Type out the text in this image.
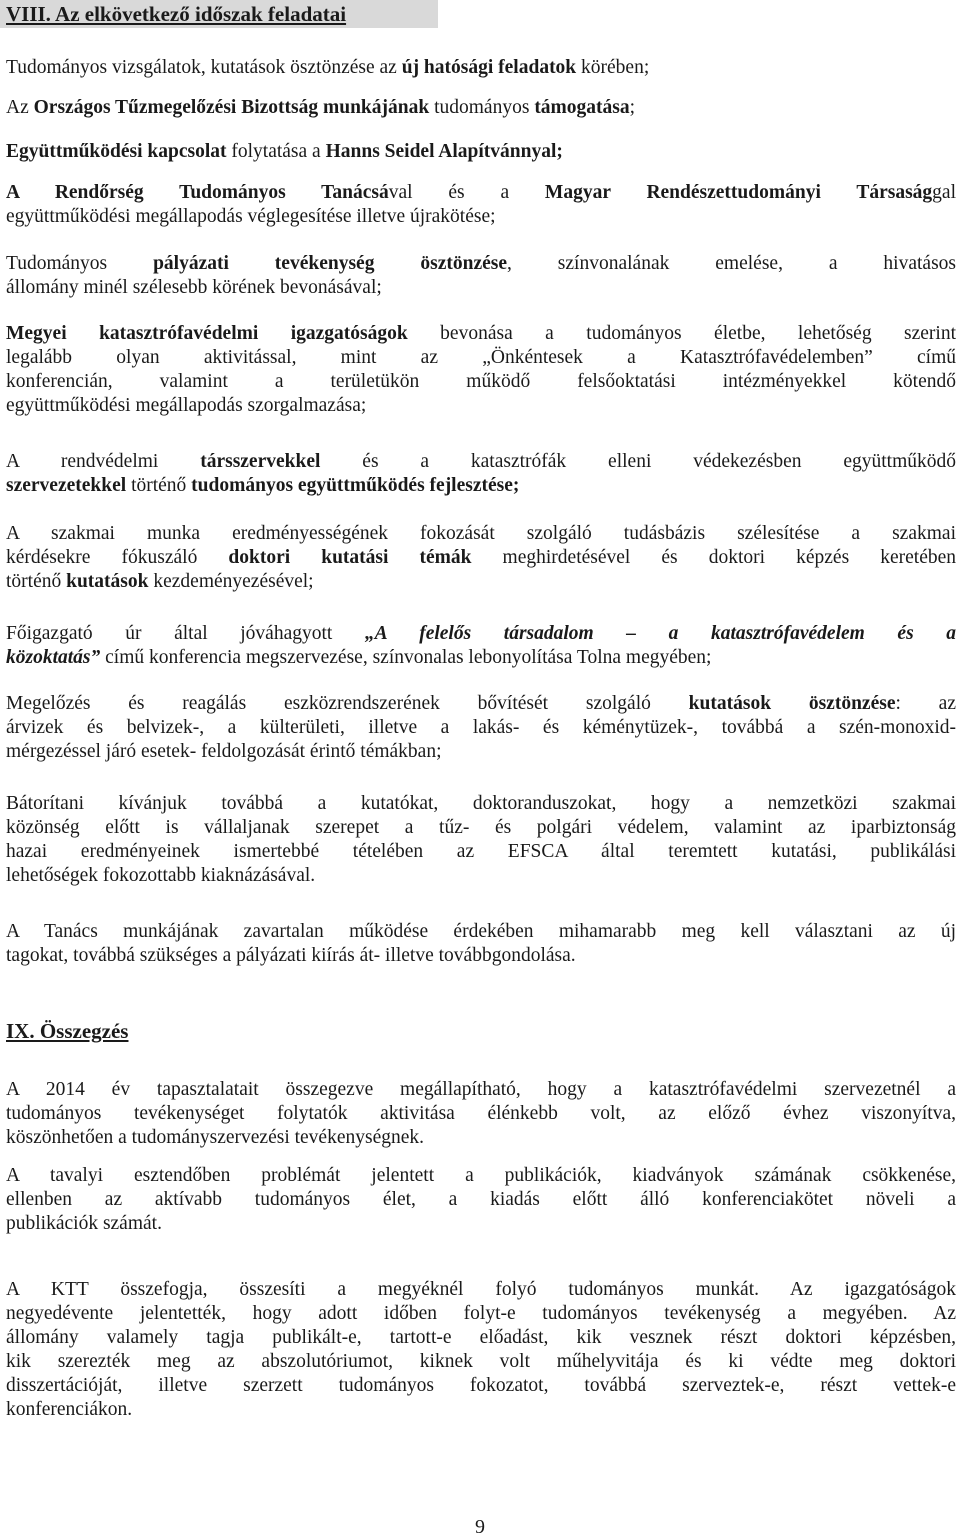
VIII. Az elkövetkező időszak feladatai
Tudományos vizsgálatok, kutatások ösztönzése az új hatósági feladatok körében;
Az Országos Tűzmegelőzési Bizottság munkájának tudományos támogatása;
Együttműködési kapcsolat folytatása a Hanns Seidel Alapítvánnyal;
A Rendőrség Tudományos Tanácsával és a Magyar Rendészettudományi Társasággal
együttműködési megállapodás véglegesítése illetve újrakötése;
Tudományos pályázati tevékenység ösztönzése, színvonalának emelése, a hivatásos
állomány minél szélesebb körének bevonásával;
Megyei katasztrófavédelmi igazgatóságok bevonása a tudományos életbe, lehetőség szerint
legalább olyan aktivitással, mint az „Önkéntesek a Katasztrófavédelemben” című
konferencián, valamint a területükön működő felsőoktatási intézményekkel kötendő
együttműködési megállapodás szorgalmazása;
A rendvédelmi társszervekkel és a katasztrófák elleni védekezésben együttműködő
szervezetekkel történő tudományos együttműködés fejlesztése;
A szakmai munka eredményességének fokozását szolgáló tudásbázis szélesítése a szakmai
kérdésekre fókuszáló doktori kutatási témák meghirdetésével és doktori képzés keretében
történő kutatások kezdeményezésével;
Főigazgató úr által jóváhagyott „A felelős társadalom – a katasztrófavédelem és a
közoktatás” című konferencia megszervezése, színvonalas lebonyolítása Tolna megyében;
Megelőzés és reagálás eszközrendszerének bővítését szolgáló kutatások ösztönzése: az
árvizek és belvizek-, a külterületi, illetve a lakás- és kéménytüzek-, továbbá a szén-monoxid-
mérgezéssel járó esetek- feldolgozását érintő témákban;
Bátorítani kívánjuk továbbá a kutatókat, doktoranduszokat, hogy a nemzetközi szakmai
közönség előtt is vállaljanak szerepet a tűz- és polgári védelem, valamint az iparbiztonság
hazai eredményeinek ismertebbé tételében az EFSCA által teremtett kutatási, publikálási
lehetőségek fokozottabb kiaknázásával.
A Tanács munkájának zavartalan működése érdekében mihamarabb meg kell választani az új
tagokat, továbbá szükséges a pályázati kiírás át- illetve továbbgondolása.
IX. Összegzés
A 2014 év tapasztalatait összegezve megállapítható, hogy a katasztrófavédelmi szervezetnél a
tudományos tevékenységet folytatók aktivitása élénkebb volt, az előző évhez viszonyítva,
köszönhetően a tudományszervezési tevékenységnek.
A tavalyi esztendőben problémát jelentett a publikációk, kiadványok számának csökkenése,
ellenben az aktívabb tudományos élet, a kiadás előtt álló konferenciakötet növeli a
publikációk számát.
A KTT összefogja, összesíti a megyéknél folyó tudományos munkát. Az igazgatóságok
negyedévente jelentették, hogy adott időben folyt-e tudományos tevékenység a megyében. Az
állomány valamely tagja publikált-e, tartott-e előadást, kik vesznek részt doktori képzésben,
kik szerezték meg az abszolutóriumot, kiknek volt műhelyvitája és ki védte meg doktori
disszertációját, illetve szerzett tudományos fokozatot, továbbá szerveztek-e, részt vettek-e
konferenciákon.
9
